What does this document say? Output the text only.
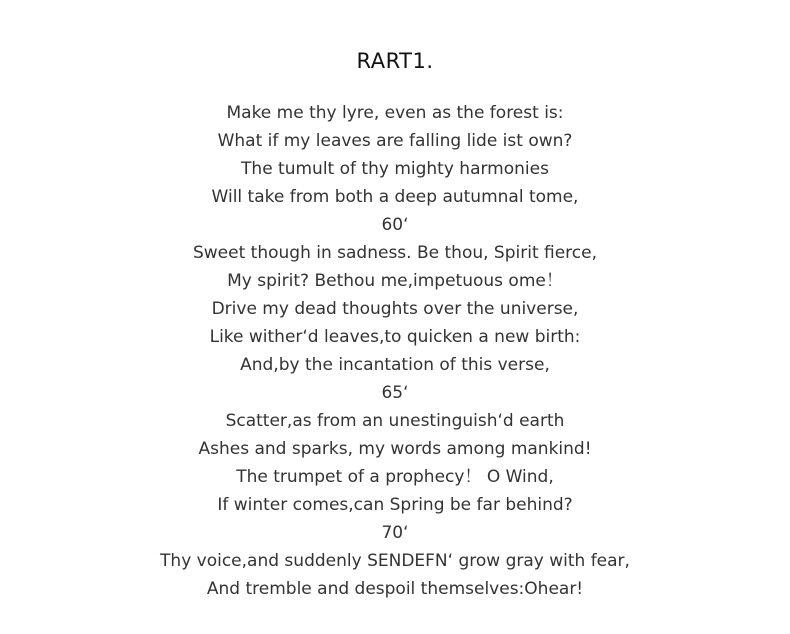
RART1.
Make me thy lyre, even as the forest is:
What if my leaves are falling lide ist own?
The tumult of thy mighty harmonies
Will take from both a deep autumnal tome,
60‘
Sweet though in sadness. Be thou, Spirit fierce,
My spirit? Bethou me,impetuous ome！
Drive my dead thoughts over the universe,
Like wither‘d leaves,to quicken a new birth:
And,by the incantation of this verse,
65‘
Scatter,as from an unestinguish‘d earth
Ashes and sparks, my words among mankind!
The trumpet of a prophecy！ O Wind,
If winter comes,can Spring be far behind?
70‘
Thy voice,and suddenly SENDEFN‘ grow gray with fear,
And tremble and despoil themselves:Ohear!
